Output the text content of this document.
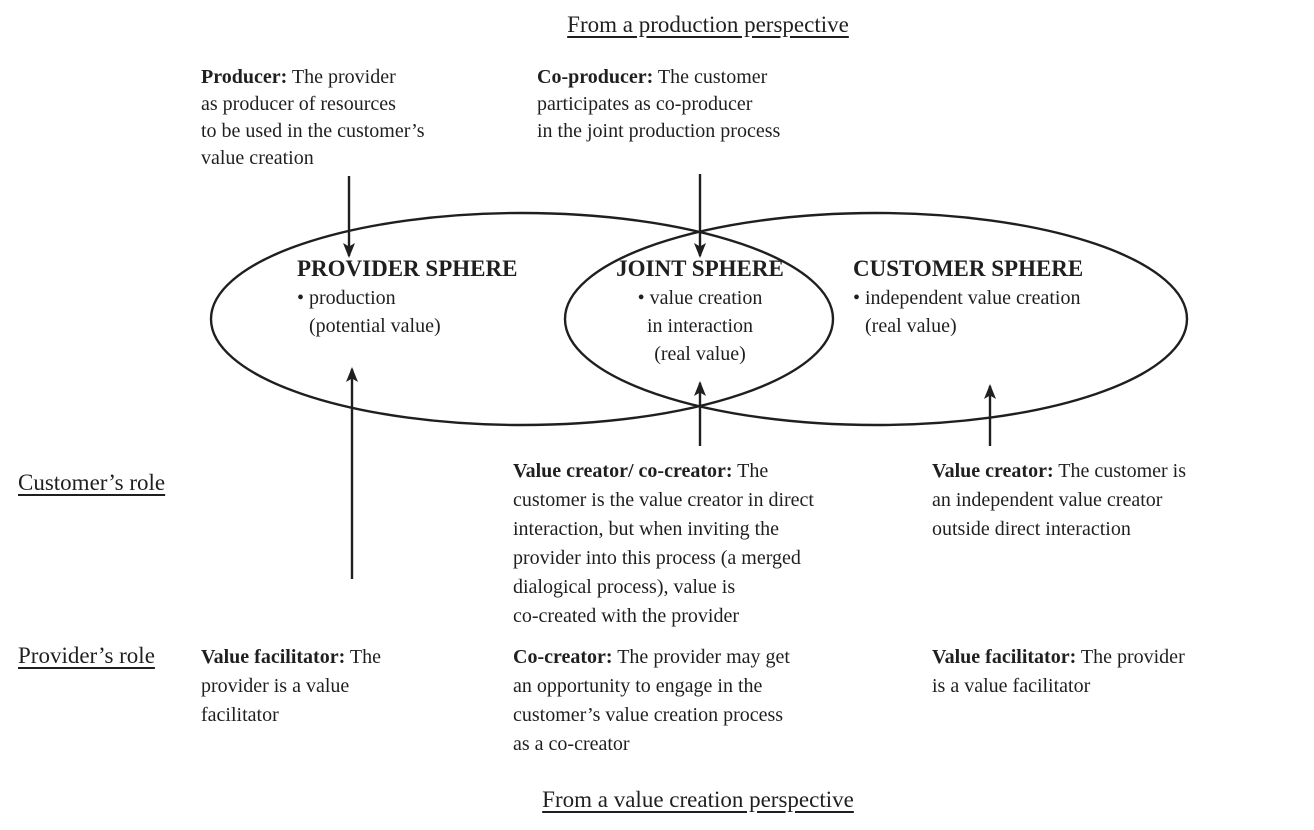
From a production perspective
Producer: The provider
as producer of resources
to be used in the customer’s
value creation
Co-producer: The customer
participates as co-producer
in the joint production process
PROVIDER SPHERE
• production
(potential value)
JOINT SPHERE
• value creation
in interaction
(real value)
CUSTOMER SPHERE
• independent value creation
(real value)
Customer’s role
Provider’s role
Value creator/ co-creator: The
customer is the value creator in direct
interaction, but when inviting the
provider into this process (a merged
dialogical process), value is
co-created with the provider
Value creator: The customer is
an independent value creator
outside direct interaction
Value facilitator: The
provider is a value
facilitator
Co-creator: The provider may get
an opportunity to engage in the
customer’s value creation process
as a co-creator
Value facilitator: The provider
is a value facilitator
From a value creation perspective
